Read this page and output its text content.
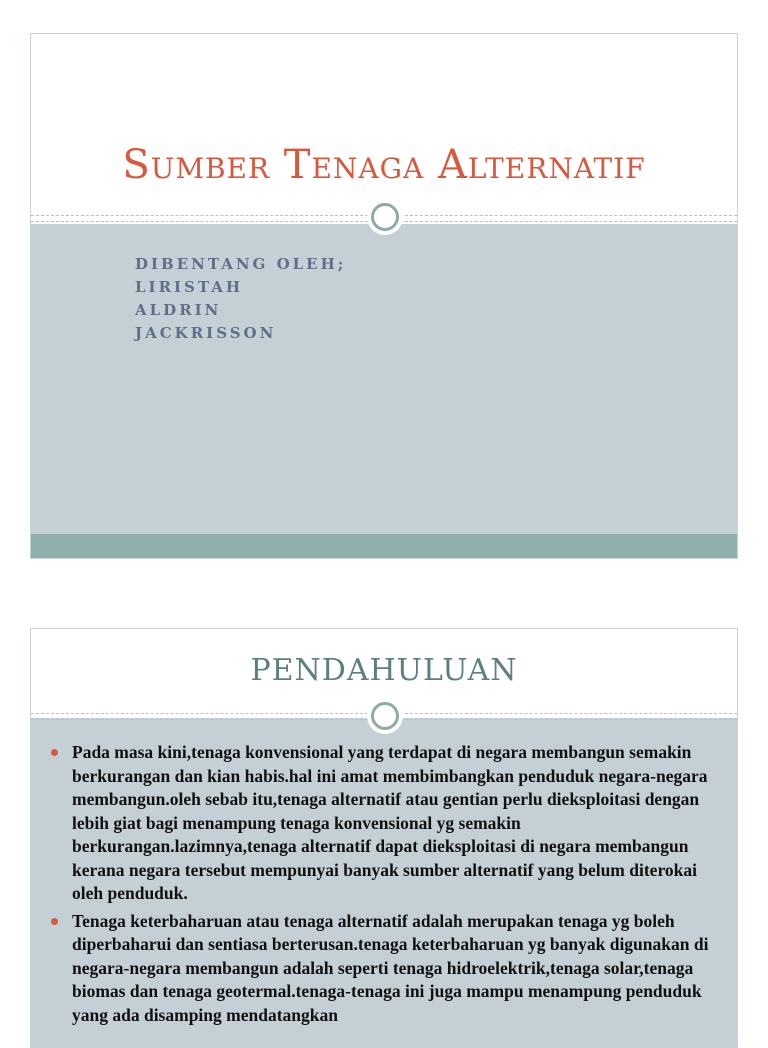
Sumber Tenaga Alternatif
DIBENTANG OLEH;
LIRISTAH
ALDRIN
JACKRISSON
PENDAHULUAN
Pada masa kini,tenaga konvensional yang terdapat di negara membangun semakin berkurangan dan kian habis.hal ini amat membimbangkan penduduk negara-negara membangun.oleh sebab itu,tenaga alternatif atau gentian perlu dieksploitasi dengan lebih giat bagi menampung tenaga konvensional yg semakin berkurangan.lazimnya,tenaga alternatif dapat dieksploitasi di negara membangun kerana negara tersebut mempunyai banyak sumber alternatif yang belum diterokai oleh penduduk.
Tenaga keterbaharuan atau tenaga alternatif adalah merupakan tenaga yg boleh diperbaharui dan sentiasa berterusan.tenaga keterbaharuan yg banyak digunakan di negara-negara membangun adalah seperti tenaga hidroelektrik,tenaga solar,tenaga biomas dan tenaga geotermal.tenaga-tenaga ini juga mampu menampung penduduk yang ada disamping mendatangkan
